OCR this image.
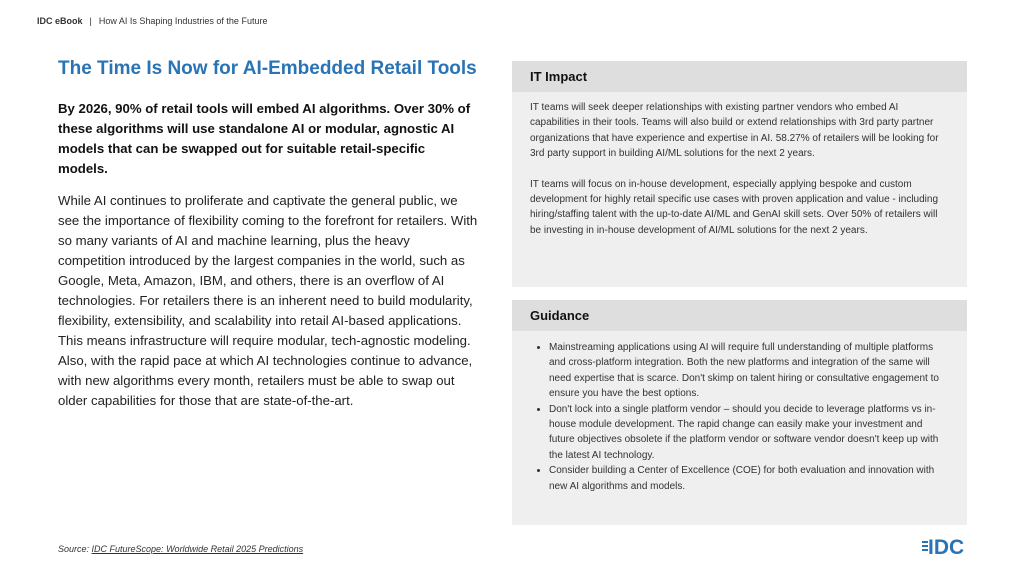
IDC eBook | How AI Is Shaping Industries of the Future
The Time Is Now for AI-Embedded Retail Tools

By 2026, 90% of retail tools will embed AI algorithms. Over 30% of these algorithms will use standalone AI or modular, agnostic AI models that can be swapped out for suitable retail-specific models.

While AI continues to proliferate and captivate the general public, we see the importance of flexibility coming to the forefront for retailers. With so many variants of AI and machine learning, plus the heavy competition introduced by the largest companies in the world, such as Google, Meta, Amazon, IBM, and others, there is an overflow of AI technologies. For retailers there is an inherent need to build modularity, flexibility, extensibility, and scalability into retail AI-based applications. This means infrastructure will require modular, tech-agnostic modeling. Also, with the rapid pace at which AI technologies continue to advance, with new algorithms every month, retailers must be able to swap out older capabilities for those that are state-of-the-art.

Source: IDC FutureScope: Worldwide Retail 2025 Predictions
IT Impact

IT teams will seek deeper relationships with existing partner vendors who embed AI capabilities in their tools. Teams will also build or extend relationships with 3rd party partner organizations that have experience and expertise in AI. 58.27% of retailers will be looking for 3rd party support in building AI/ML solutions for the next 2 years.

IT teams will focus on in-house development, especially applying bespoke and custom development for highly retail specific use cases with proven application and value - including hiring/staffing talent with the up-to-date AI/ML and GenAI skill sets. Over 50% of retailers will be investing in in-house development of AI/ML solutions for the next 2 years.

Guidance
• Mainstreaming applications using AI will require full understanding of multiple platforms and cross-platform integration. Both the new platforms and integration of the same will need expertise that is scarce. Don't skimp on talent hiring or consultative engagement to ensure you have the best options.
• Don't lock into a single platform vendor – should you decide to leverage platforms vs in-house module development. The rapid change can easily make your investment and future objectives obsolete if the platform vendor or software vendor doesn't keep up with the latest AI technology.
• Consider building a Center of Excellence (COE) for both evaluation and innovation with new AI algorithms and models.
IDC
